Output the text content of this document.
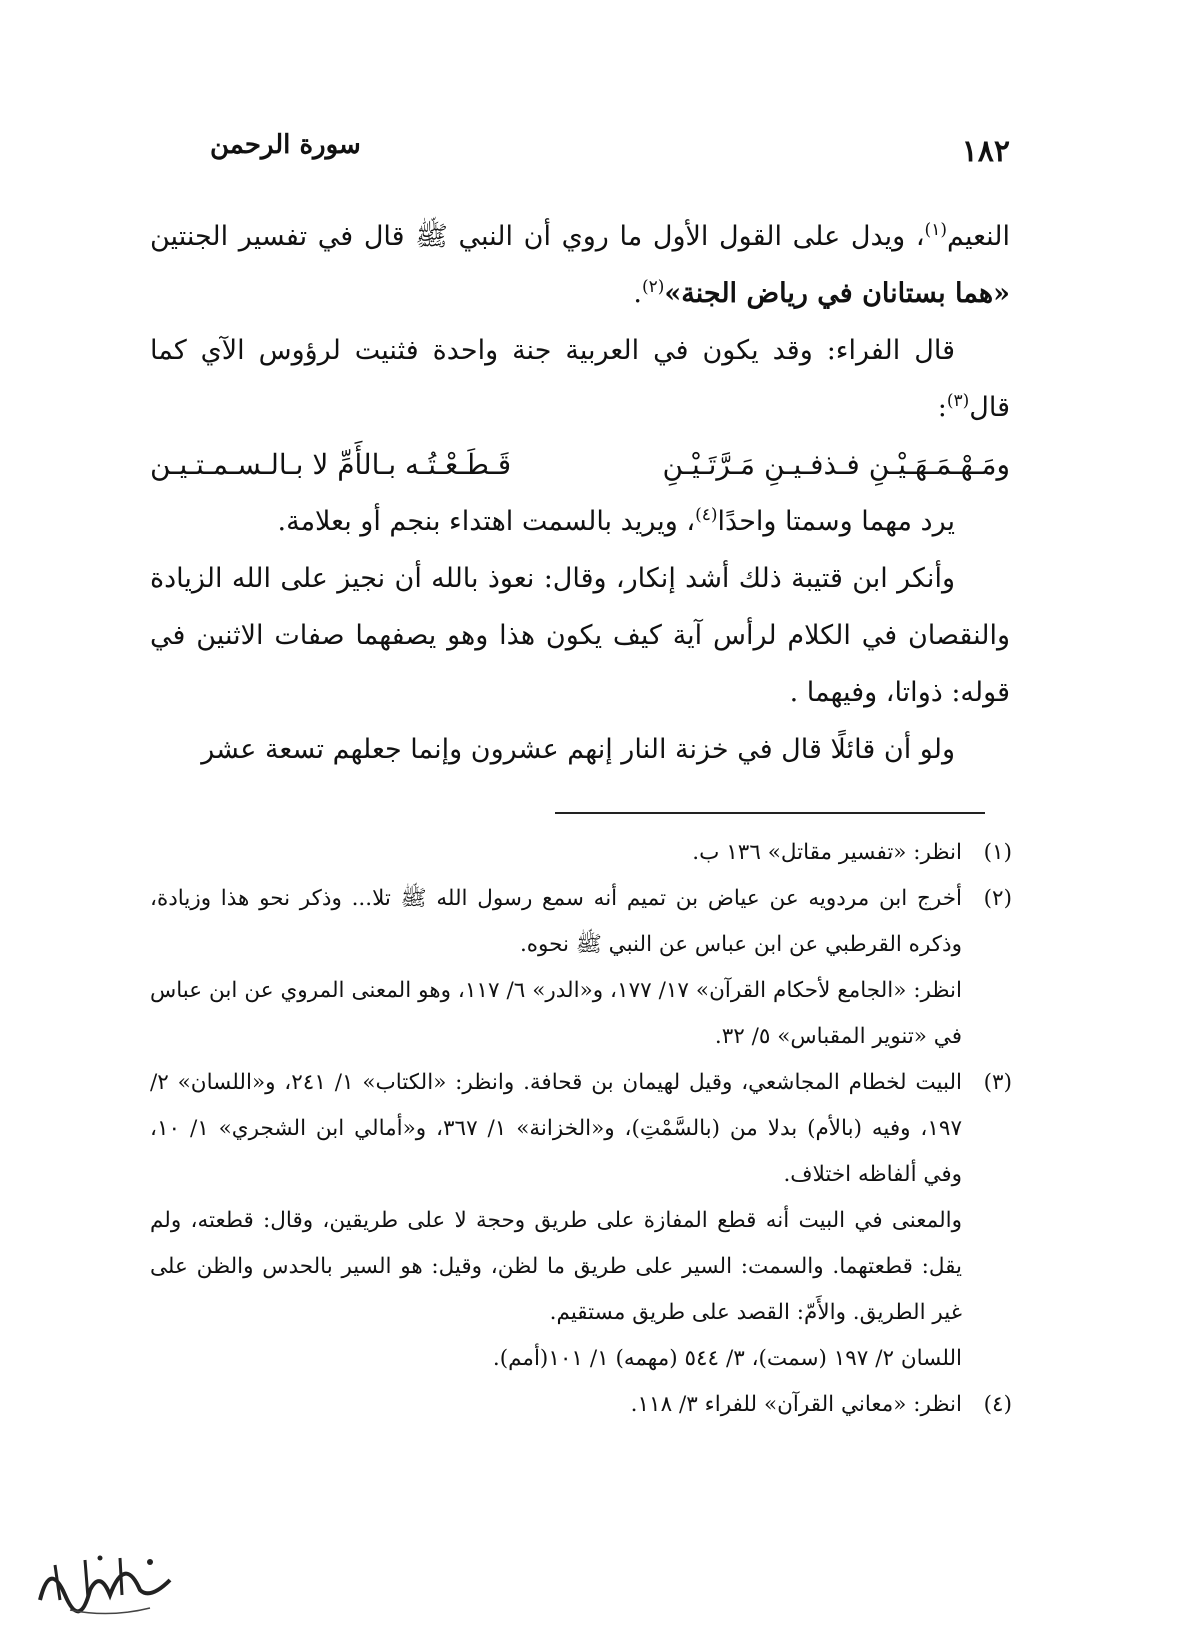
١٨٢
سورة الرحمن

النعيم$^{(١)}$، ويدل على القول الأول ما روي أن النبي ﷺ قال في تفسير الجنتين «هما بستانان في رياض الجنة»$^{(٢)}$.

قال الفراء: وقد يكون في العربية جنة واحدة فثنيت لرؤوس الآي كما قال$^{(٣)}$:

ومَـهْـمَـهَـيْـنِ فـذفـيـنِ مَـرَّتَـيْـنِ
قَـطَـعْـتُـه بـالأَمِّ لا بـالـسـمـتـيـن

يرد مهما وسمتا واحدًا$^{(٤)}$، ويريد بالسمت اهتداء بنجم أو بعلامة.

وأنكر ابن قتيبة ذلك أشد إنكار، وقال: نعوذ بالله أن نجيز على الله الزيادة والنقصان في الكلام لرأس آية كيف يكون هذا وهو يصفهما صفات الاثنين في قوله: ذواتا، وفيهما .

ولو أن قائلًا قال في خزنة النار إنهم عشرون وإنما جعلهم تسعة عشر

(١)

انظر: «تفسير مقاتل» ١٣٦ ب.

(٢)

أخرج ابن مردويه عن عياض بن تميم أنه سمع رسول الله ﷺ تلا... وذكر نحو هذا وزيادة، وذكره القرطبي عن ابن عباس عن النبي ﷺ نحوه.

انظر: «الجامع لأحكام القرآن» ١٧/ ١٧٧، و«الدر» ٦/ ١١٧، وهو المعنى المروي عن ابن عباس في «تنوير المقباس» ٥/ ٣٢.

(٣)

البيت لخطام المجاشعي، وقيل لهيمان بن قحافة. وانظر: «الكتاب» ١/ ٢٤١، و«اللسان» ٢/ ١٩٧، وفيه (بالأم) بدلا من (بالسَّمْتِ)، و«الخزانة» ١/ ٣٦٧، و«أمالي ابن الشجري» ١/ ١٠، وفي ألفاظه اختلاف.

والمعنى في البيت أنه قطع المفازة على طريق وحجة لا على طريقين، وقال: قطعته، ولم يقل: قطعتهما. والسمت: السير على طريق ما لظن، وقيل: هو السير بالحدس والظن على غير الطريق. والأَمّ: القصد على طريق مستقيم.

اللسان ٢/ ١٩٧ (سمت)، ٣/ ٥٤٤ (مهمه) ١/ ١٠١(أمم).

(٤)

انظر: «معاني القرآن» للفراء ٣/ ١١٨.
